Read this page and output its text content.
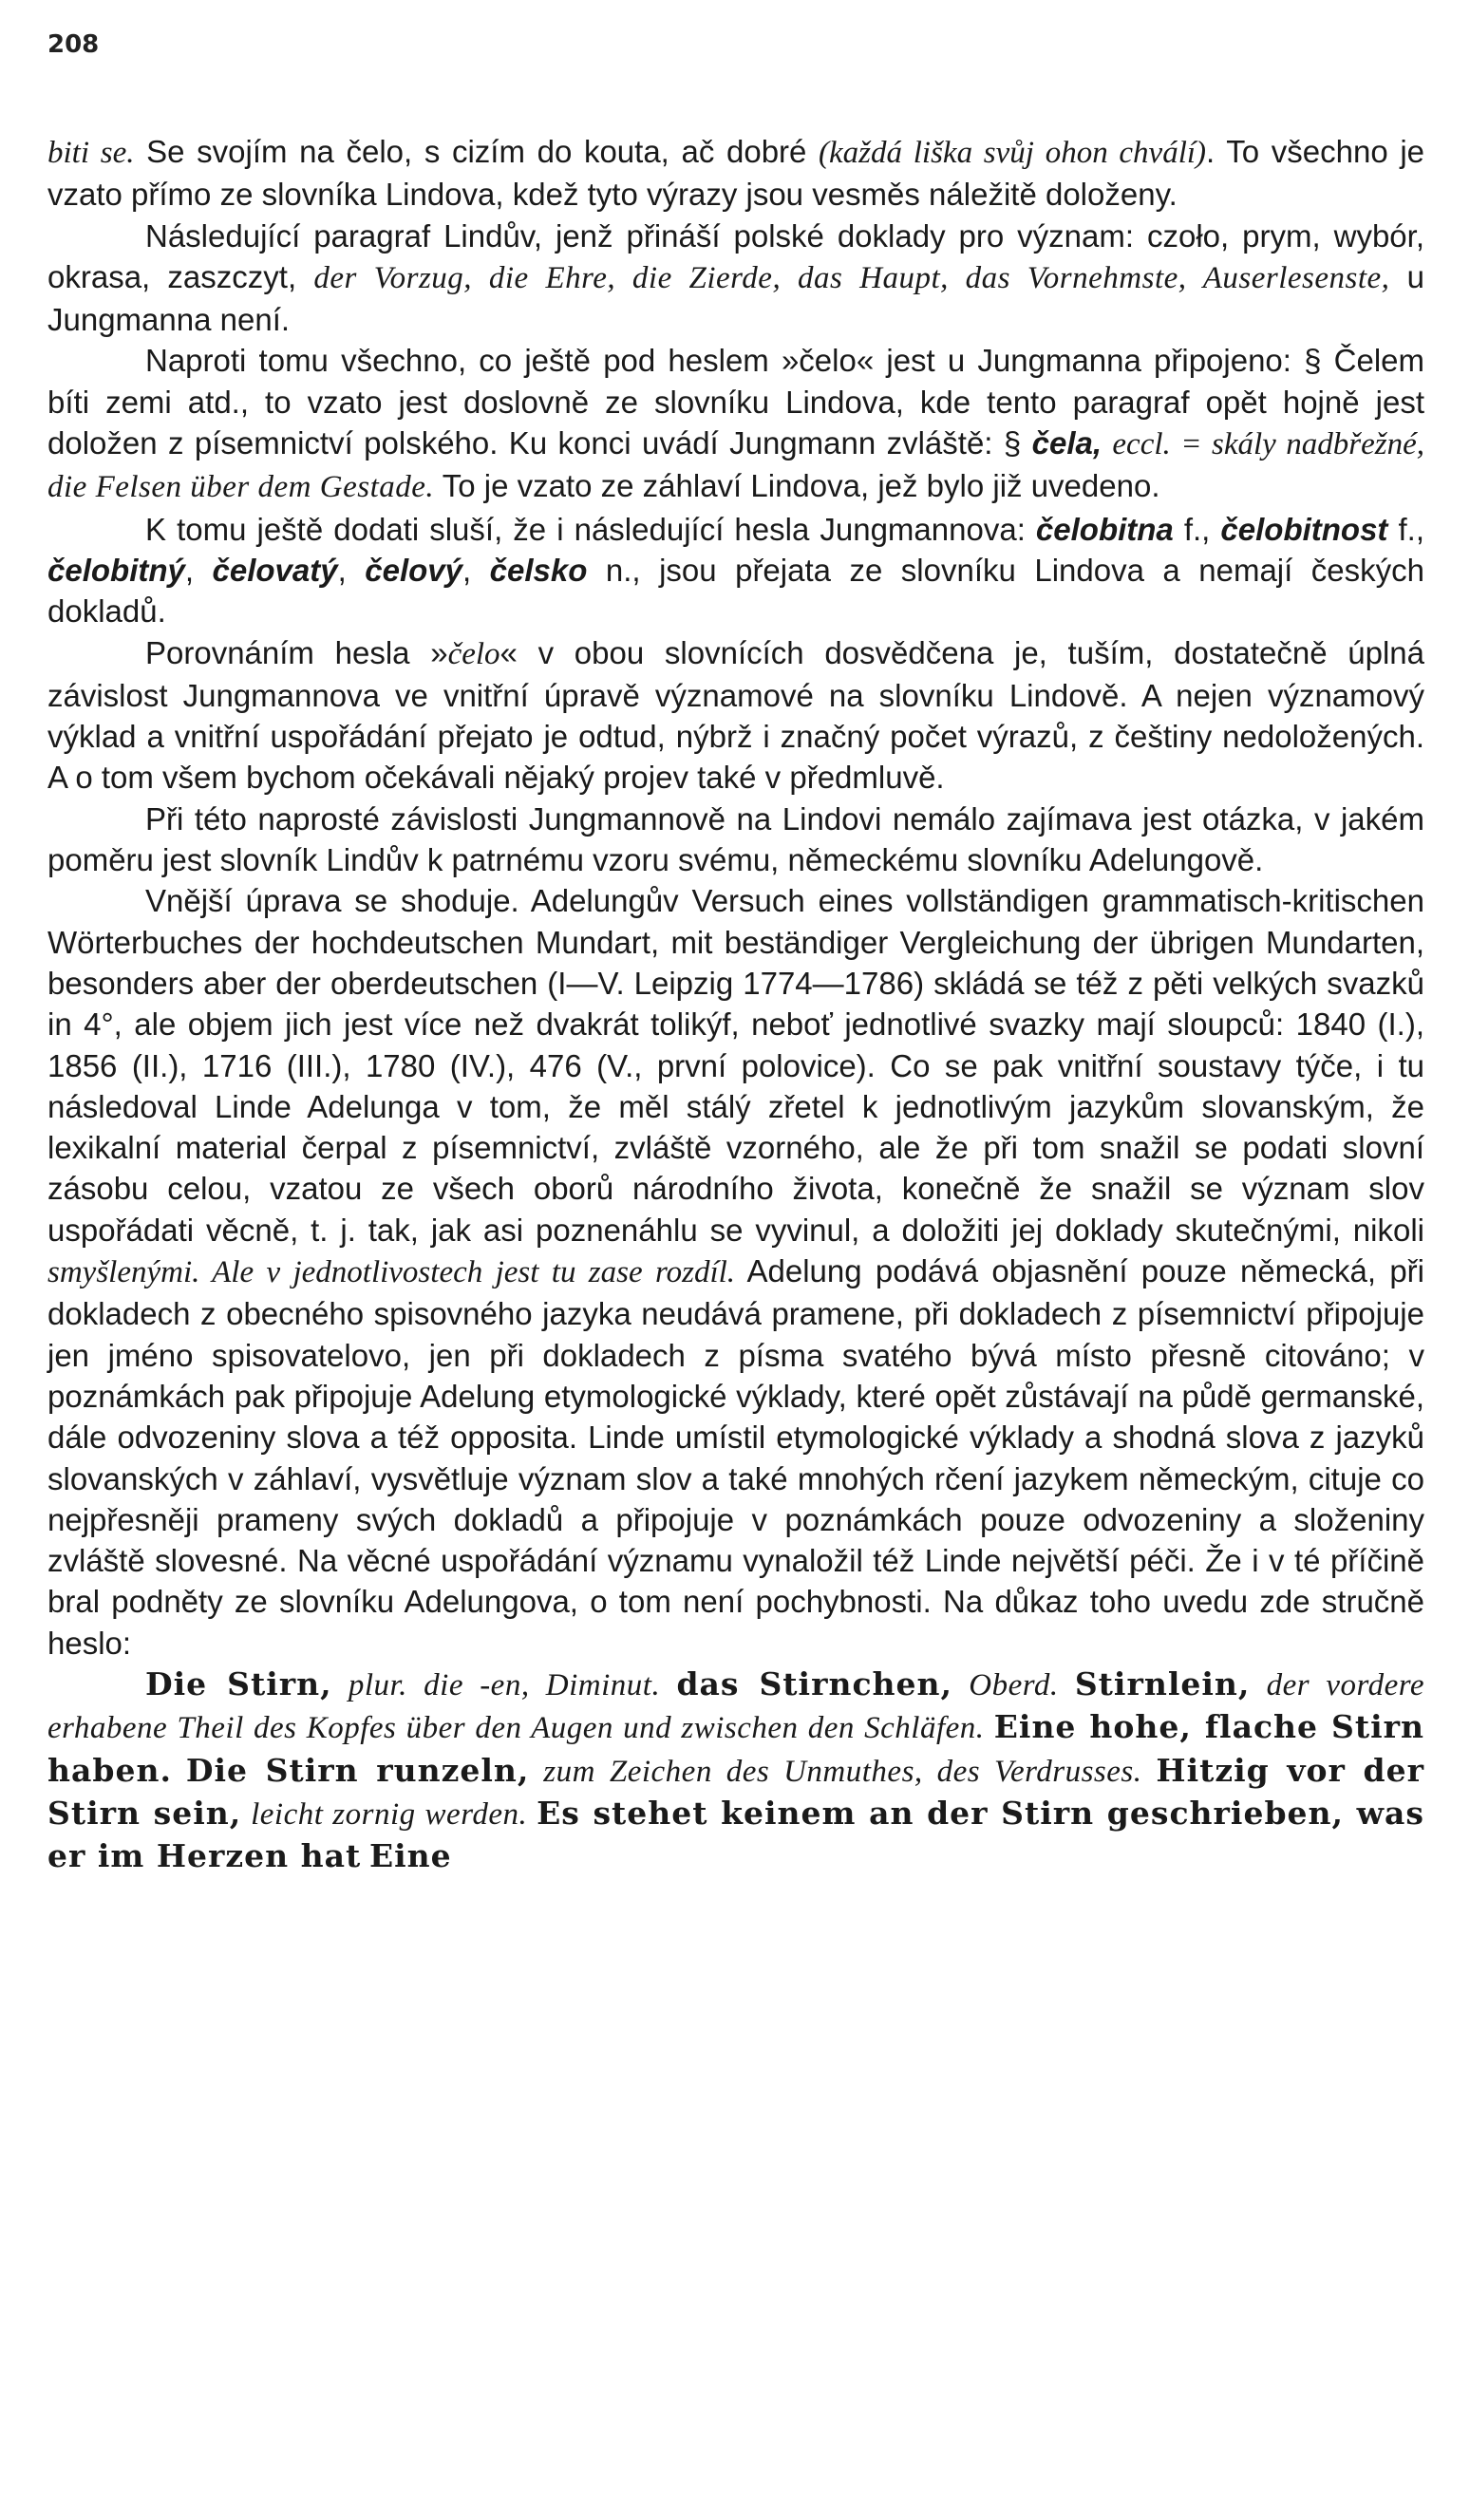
208

biti se. Se svojím na čelo, s cizím do kouta, ač dobré (každá liška svůj ohon chválí). To všechno je vzato přímo ze slovníka Lindova, kdež tyto výrazy jsou vesměs náležitě doloženy.

Následující paragraf Lindův, jenž přináší polské doklady pro význam: czoło, prym, wybór, okrasa, zaszczyt, der Vorzug, die Ehre, die Zierde, das Haupt, das Vornehmste, Auserlesenste, u Jungmanna není.

Naproti tomu všechno, co ještě pod heslem »čelo« jest u Jungmanna připojeno: § Čelem bíti zemi atd., to vzato jest doslovně ze slovníku Lindova, kde tento paragraf opět hojně jest doložen z písemnictví polského. Ku konci uvádí Jungmann zvláště: § čela, eccl. = skály nadbřežné, die Felsen über dem Gestade. To je vzato ze záhlaví Lindova, jež bylo již uvedeno.

K tomu ještě dodati sluší, že i následující hesla Jungmannova: čelobitna f., čelobitnost f., čelobitný, čelovatý, čelový, čelsko n., jsou přejata ze slovníku Lindova a nemají českých dokladů.

Porovnáním hesla »čelo« v obou slovnících dosvědčena je, tuším, dostatečně úplná závislost Jungmannova ve vnitřní úpravě významové na slovníku Lindově. A nejen významový výklad a vnitřní uspořádání přejato je odtud, nýbrž i značný počet výrazů, z češtiny nedoložených. A o tom všem bychom očekávali nějaký projev také v předmluvě.

Při této naprosté závislosti Jungmannově na Lindovi nemálo zajímava jest otázka, v jakém poměru jest slovník Lindův k patrnému vzoru svému, německému slovníku Adelungově.

Vnější úprava se shoduje. Adelungův Versuch eines vollständigen grammatisch-kritischen Wörterbuches der hochdeutschen Mundart, mit beständiger Vergleichung der übrigen Mundarten, besonders aber der oberdeutschen (I—V. Leipzig 1774—1786) skládá se též z pěti velkých svazků in 4°, ale objem jich jest více než dvakrát tolikýf, neboť jednotlivé svazky mají sloupců: 1840 (I.), 1856 (II.), 1716 (III.), 1780 (IV.), 476 (V., první polovice). Co se pak vnitřní soustavy týče, i tu následoval Linde Adelunga v tom, že měl stálý zřetel k jednotlivým jazykům slovanským, že lexikalní material čerpal z písemnictví, zvláště vzorného, ale že při tom snažil se podati slovní zásobu celou, vzatou ze všech oborů národního života, konečně že snažil se význam slov uspořádati věcně, t. j. tak, jak asi poznenáhlu se vyvinul, a doložiti jej doklady skutečnými, nikoli smyšlenými. Ale v jednotlivostech jest tu zase rozdíl. Adelung podává objasnění pouze německá, při dokladech z obecného spisovného jazyka neudává pramene, při dokladech z písemnictví připojuje jen jméno spisovatelovo, jen při dokladech z písma svatého bývá místo přesně citováno; v poznámkách pak připojuje Adelung etymologické výklady, které opět zůstávají na půdě germanské, dále odvozeniny slova a též opposita. Linde umístil etymologické výklady a shodná slova z jazyků slovanských v záhlaví, vysvětluje význam slov a také mnohých rčení jazykem německým, cituje co nejpřesněji prameny svých dokladů a připojuje v poznámkách pouze odvozeniny a složeniny zvláště slovesné. Na věcné uspořádání významu vynaložil též Linde největší péči. Že i v té příčině bral podněty ze slovníku Adelungova, o tom není pochybnosti. Na důkaz toho uvedu zde stručně heslo:

Die Stirn, plur. die -en, Diminut. das Stirnchen, Oberd. Stirnlein, der vordere erhabene Theil des Kopfes über den Augen und zwischen den Schläfen. Eine hohe, flache Stirn haben. Die Stirn runzeln, zum Zeichen des Unmuthes, des Verdrusses. Hitzig vor der Stirn sein, leicht zornig werden. Es stehet keinem an der Stirn geschrieben, was er im Herzen hat Eine
